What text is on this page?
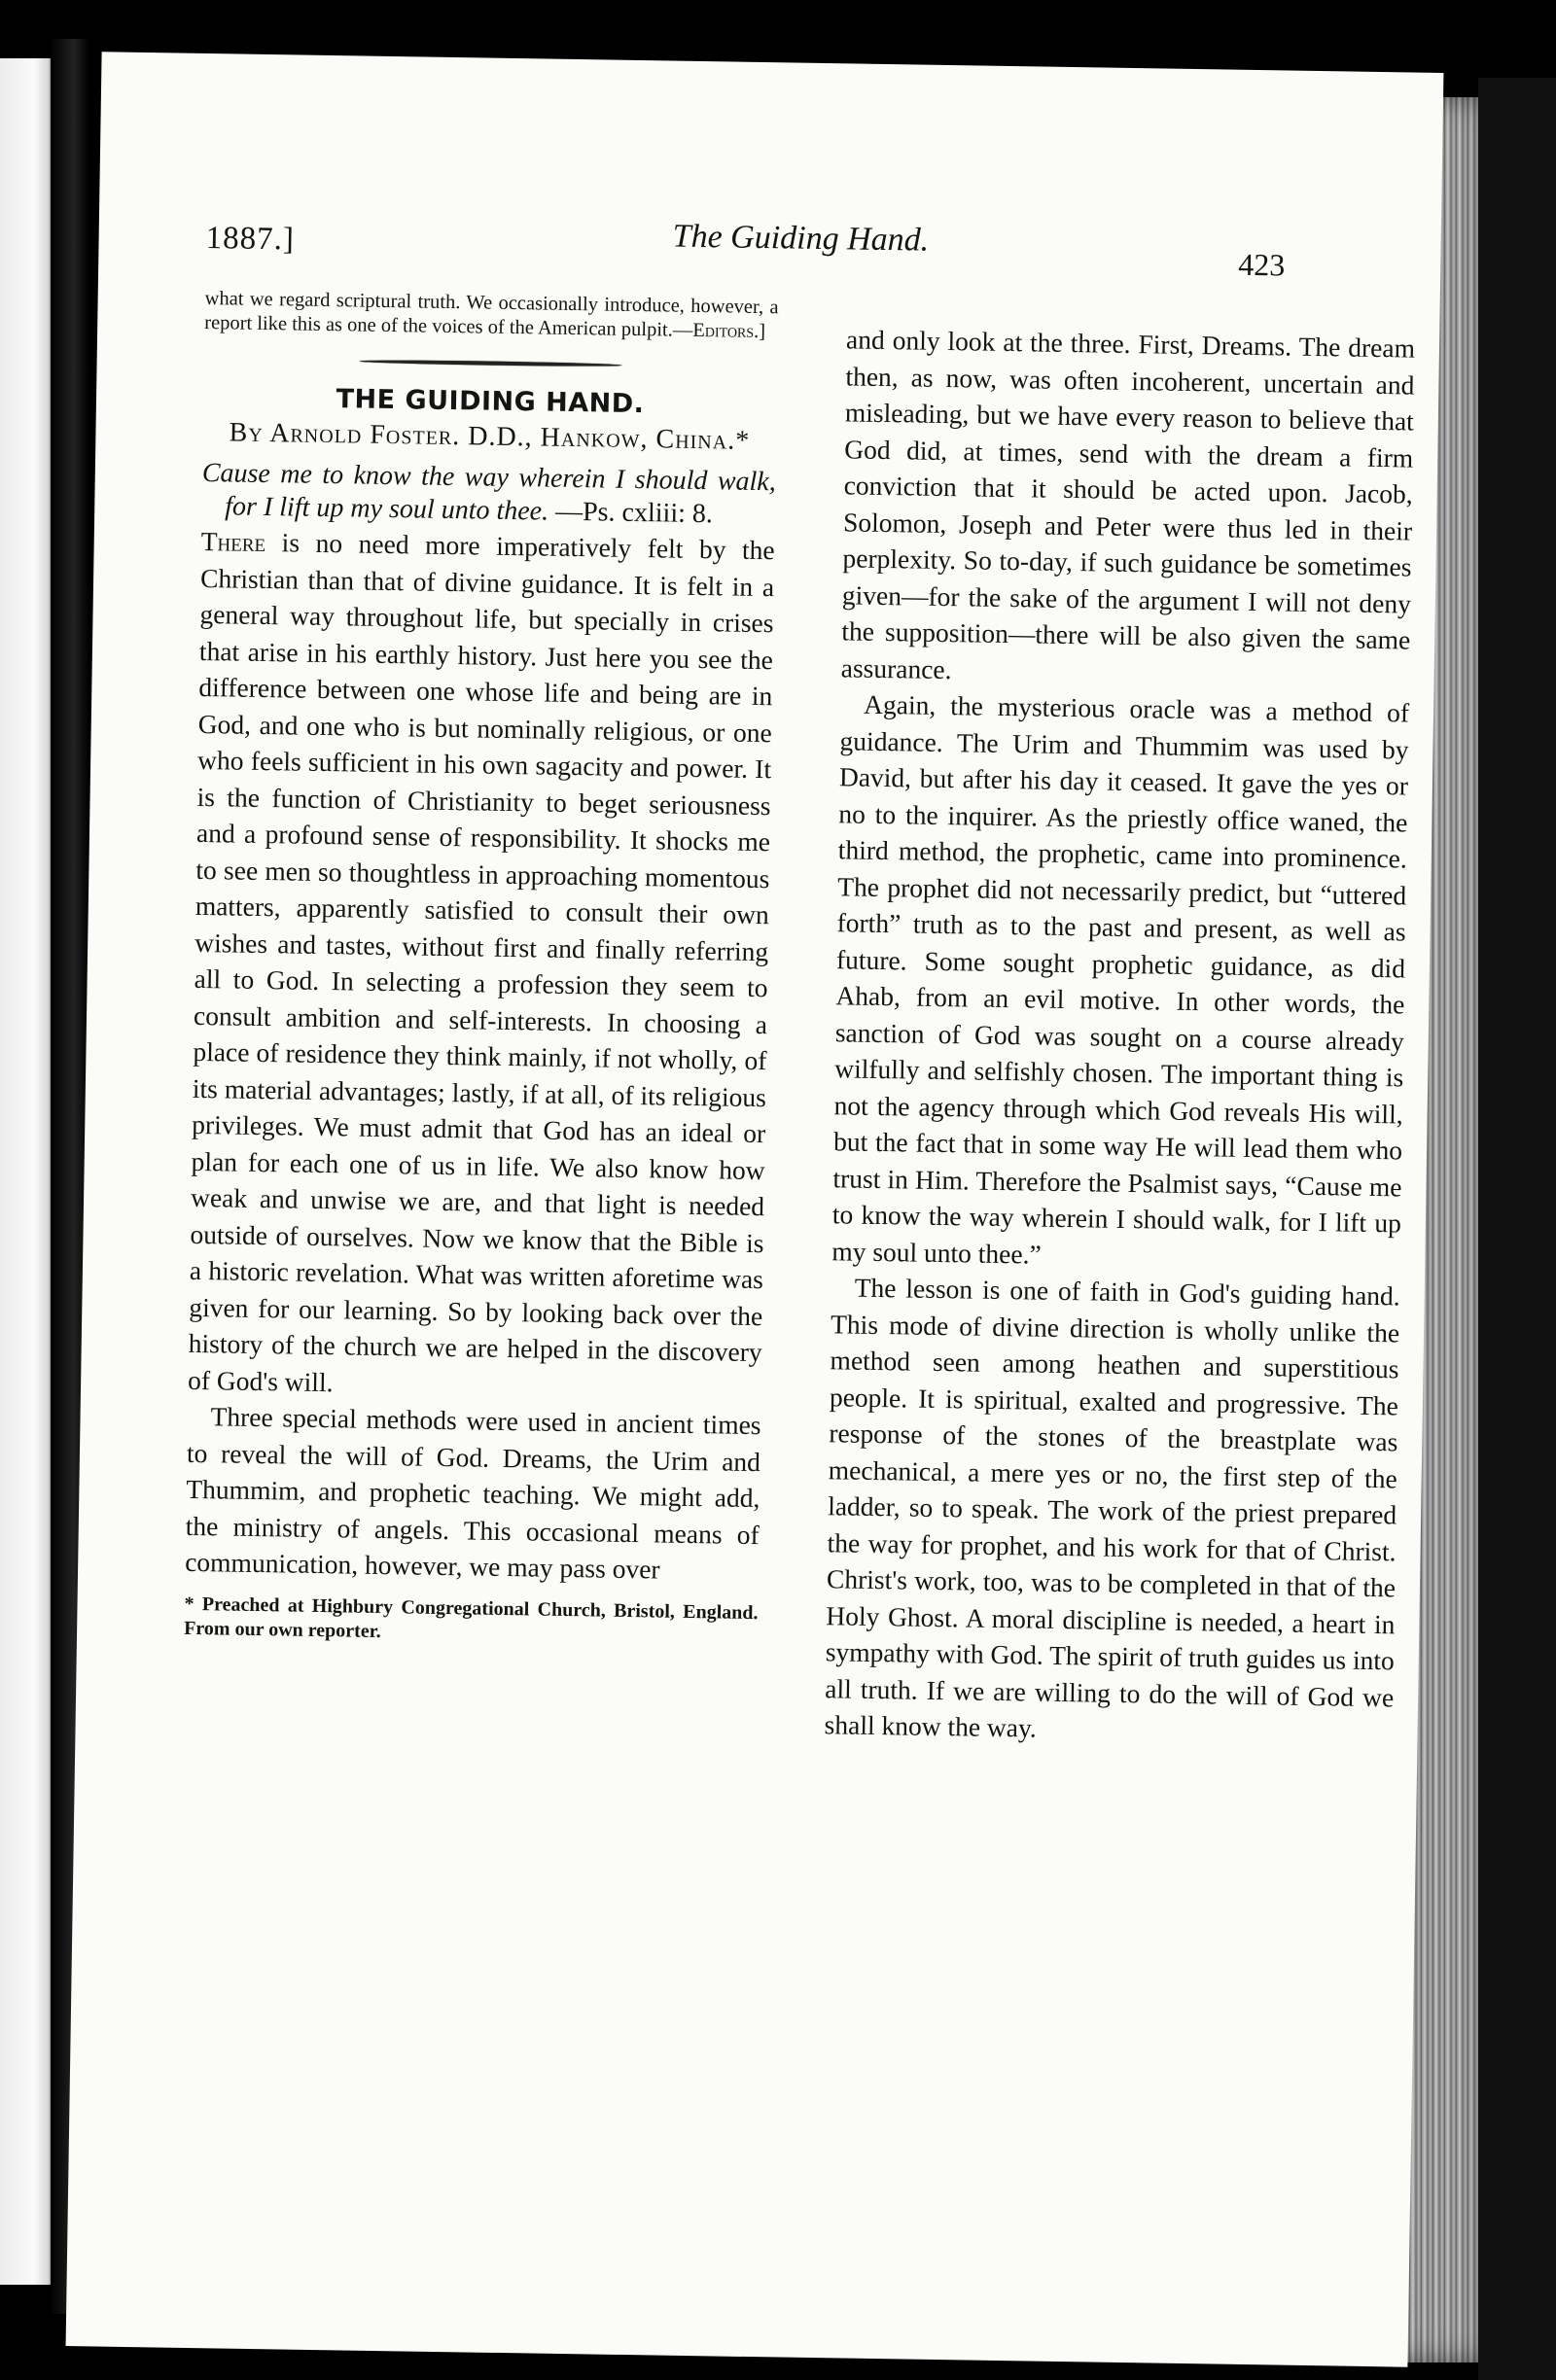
1887.]	The Guiding Hand.
423

what we regard scriptural truth. We occasionally introduce, however, a report like this as one of the voices of the American pulpit.—Editors.]

THE GUIDING HAND.

By Arnold Foster. D.D., Hankow, China.*

Cause me to know the way wherein I should walk, for I lift up my soul unto thee. —Ps. cxliii: 8.

There is no need more imperatively felt by the Christian than that of divine guidance. It is felt in a general way throughout life, but specially in crises that arise in his earthly history. Just here you see the difference between one whose life and being are in God, and one who is but nominally religious, or one who feels sufficient in his own sagacity and power. It is the function of Christianity to beget seriousness and a profound sense of responsibility. It shocks me to see men so thoughtless in approaching momentous matters, apparently satisfied to consult their own wishes and tastes, without first and finally referring all to God. In selecting a profession they seem to consult ambition and self-interests. In choosing a place of residence they think mainly, if not wholly, of its material advantages; lastly, if at all, of its religious privileges. We must admit that God has an ideal or plan for each one of us in life. We also know how weak and unwise we are, and that light is needed outside of ourselves. Now we know that the Bible is a historic revelation. What was written aforetime was given for our learning. So by looking back over the history of the church we are helped in the discovery of God's will.

Three special methods were used in ancient times to reveal the will of God. Dreams, the Urim and Thummim, and prophetic teaching. We might add, the ministry of angels. This occasional means of communication, however, we may pass over

* Preached at Highbury Congregational Church, Bristol, England. From our own reporter.

and only look at the three. First, Dreams. The dream then, as now, was often incoherent, uncertain and misleading, but we have every reason to believe that God did, at times, send with the dream a firm conviction that it should be acted upon. Jacob, Solomon, Joseph and Peter were thus led in their perplexity. So to-day, if such guidance be sometimes given—for the sake of the argument I will not deny the supposition—there will be also given the same assurance.

Again, the mysterious oracle was a method of guidance. The Urim and Thummim was used by David, but after his day it ceased. It gave the yes or no to the inquirer. As the priestly office waned, the third method, the prophetic, came into prominence. The prophet did not necessarily predict, but “uttered forth” truth as to the past and present, as well as future. Some sought prophetic guidance, as did Ahab, from an evil motive. In other words, the sanction of God was sought on a course already wilfully and selfishly chosen. The important thing is not the agency through which God reveals His will, but the fact that in some way He will lead them who trust in Him. Therefore the Psalmist says, “Cause me to know the way wherein I should walk, for I lift up my soul unto thee.”

The lesson is one of faith in God's guiding hand. This mode of divine direction is wholly unlike the method seen among heathen and superstitious people. It is spiritual, exalted and progressive. The response of the stones of the breastplate was mechanical, a mere yes or no, the first step of the ladder, so to speak. The work of the priest prepared the way for prophet, and his work for that of Christ. Christ's work, too, was to be completed in that of the Holy Ghost. A moral discipline is needed, a heart in sympathy with God. The spirit of truth guides us into all truth. If we are willing to do the will of God we shall know the way.
